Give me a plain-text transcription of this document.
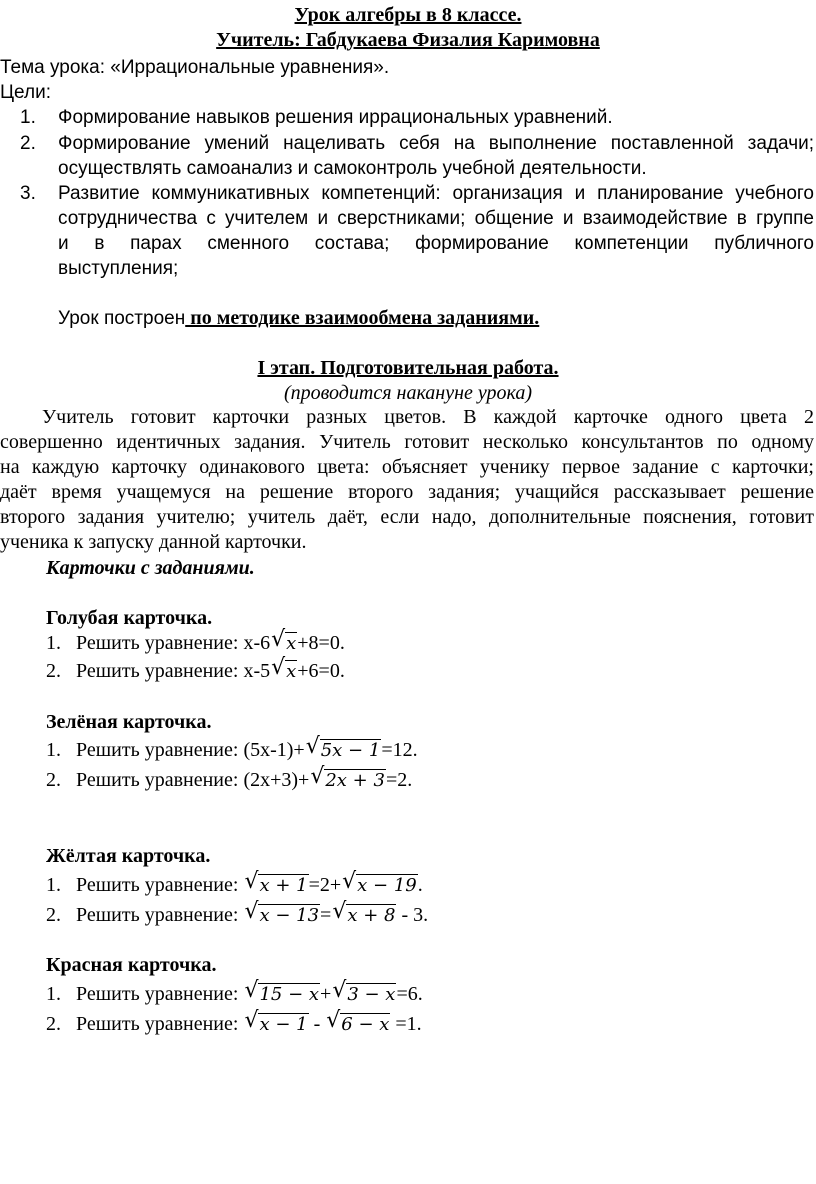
Урок алгебры в 8 классе.
Учитель: Габдукаева Физалия Каримовна
Тема урока: «Иррациональные уравнения».
Цели:
1. Формирование навыков решения иррациональных уравнений.
2. Формирование умений нацеливать себя на выполнение поставленной задачи;
осуществлять самоанализ и самоконтроль учебной деятельности.
3. Развитие коммуникативных компетенций: организация и планирование учебного
сотрудничества с учителем и сверстниками; общение и взаимодействие в группе
и в парах сменного состава; формирование компетенции публичного
выступления;
Урок построен по методике взаимообмена заданиями.
I этап. Подготовительная работа.
(проводится накануне урока)
Учитель готовит карточки разных цветов. В каждой карточке одного цвета 2
совершенно идентичных задания. Учитель готовит несколько консультантов по одному
на каждую карточку одинакового цвета: объясняет ученику первое задание с карточки;
даёт время учащемуся на решение второго задания; учащийся рассказывает решение
второго задания учителю; учитель даёт, если надо, дополнительные пояснения, готовит
ученика к запуску данной карточки.
Карточки с заданиями.
Голубая карточка.
1. Решить уравнение: x-6 √ x+8=0.
2. Решить уравнение: x-5 √ x+6=0.
Зелёная карточка.
1. Решить уравнение: (5x-1)+ √ 5x − 1=12.
2. Решить уравнение: (2x+3)+ √ 2x + 3=2.
Жёлтая карточка.
1. Решить уравнение: √ x + 1=2+ √ x − 19.
2. Решить уравнение: √ x − 13= √ x + 8 - 3.
Красная карточка.
1. Решить уравнение: √ 15 − x+ √ 3 − x=6.
2. Решить уравнение: √ x − 1 - √ 6 − x =1.
